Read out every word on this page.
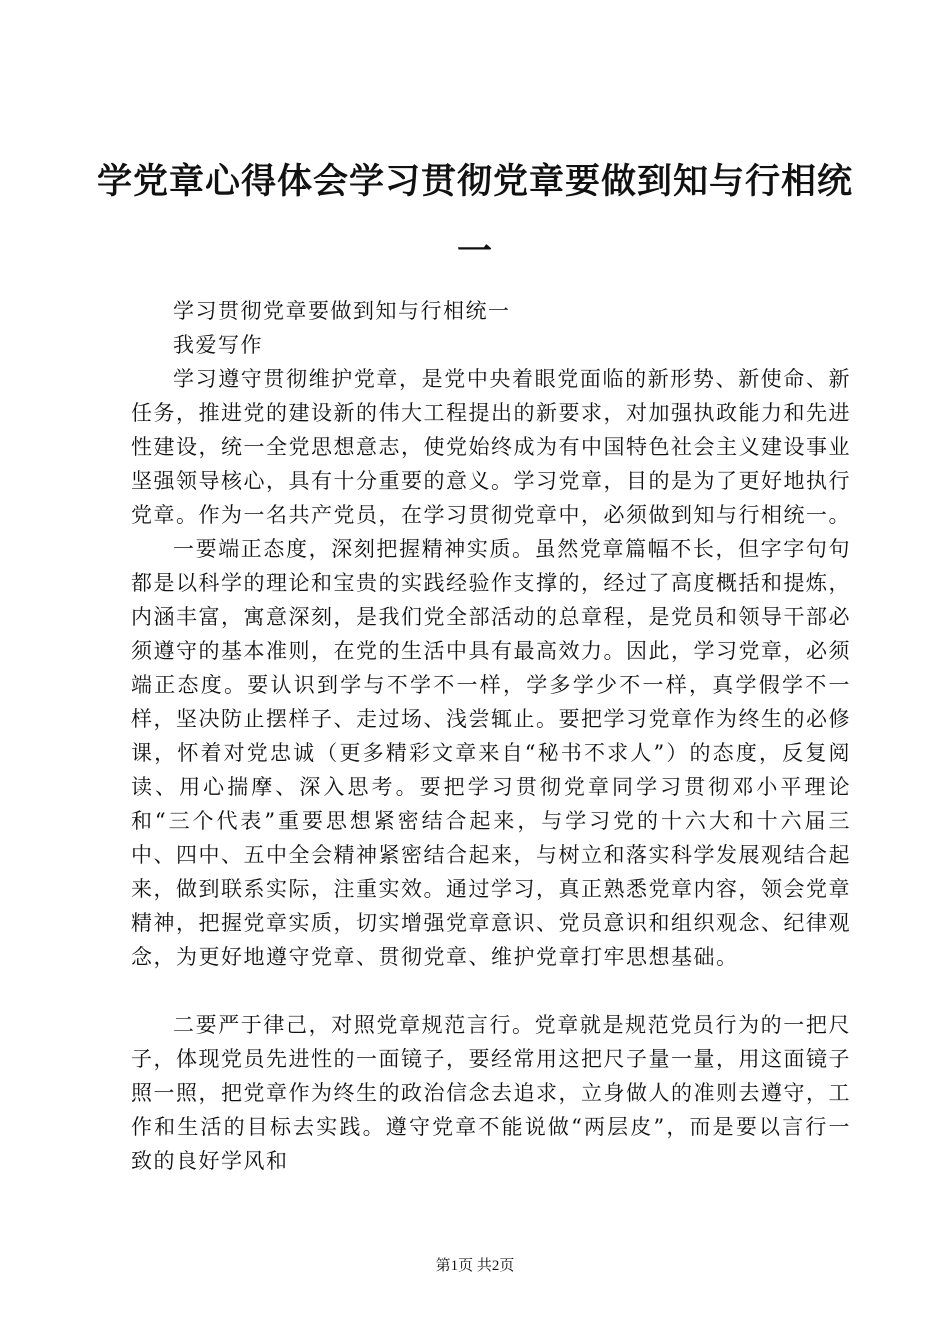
学党章心得体会学习贯彻党章要做到知与行相统一

学习贯彻党章要做到知与行相统一

我爱写作

学习遵守贯彻维护党章，是党中央着眼党面临的新形势、新使命、新任务，推进党的建设新的伟大工程提出的新要求，对加强执政能力和先进性建设，统一全党思想意志，使党始终成为有中国特色社会主义建设事业坚强领导核心，具有十分重要的意义。学习党章，目的是为了更好地执行党章。作为一名共产党员，在学习贯彻党章中，必须做到知与行相统一。

一要端正态度，深刻把握精神实质。虽然党章篇幅不长，但字字句句都是以科学的理论和宝贵的实践经验作支撑的，经过了高度概括和提炼，内涵丰富，寓意深刻，是我们党全部活动的总章程，是党员和领导干部必须遵守的基本准则，在党的生活中具有最高效力。因此，学习党章，必须端正态度。要认识到学与不学不一样，学多学少不一样，真学假学不一样，坚决防止摆样子、走过场、浅尝辄止。要把学习党章作为终生的必修课，怀着对党忠诚（更多精彩文章来自“秘书不求人”）的态度，反复阅读、用心揣摩、深入思考。要把学习贯彻党章同学习贯彻邓小平理论和“三个代表”重要思想紧密结合起来，与学习党的十六大和十六届三中、四中、五中全会精神紧密结合起来，与树立和落实科学发展观结合起来，做到联系实际，注重实效。通过学习，真正熟悉党章内容，领会党章精神，把握党章实质，切实增强党章意识、党员意识和组织观念、纪律观念，为更好地遵守党章、贯彻党章、维护党章打牢思想基础。

二要严于律己，对照党章规范言行。党章就是规范党员行为的一把尺子，体现党员先进性的一面镜子，要经常用这把尺子量一量，用这面镜子照一照，把党章作为终生的政治信念去追求，立身做人的准则去遵守，工作和生活的目标去实践。遵守党章不能说做“两层皮”，而是要以言行一致的良好学风和

第1页 共2页
